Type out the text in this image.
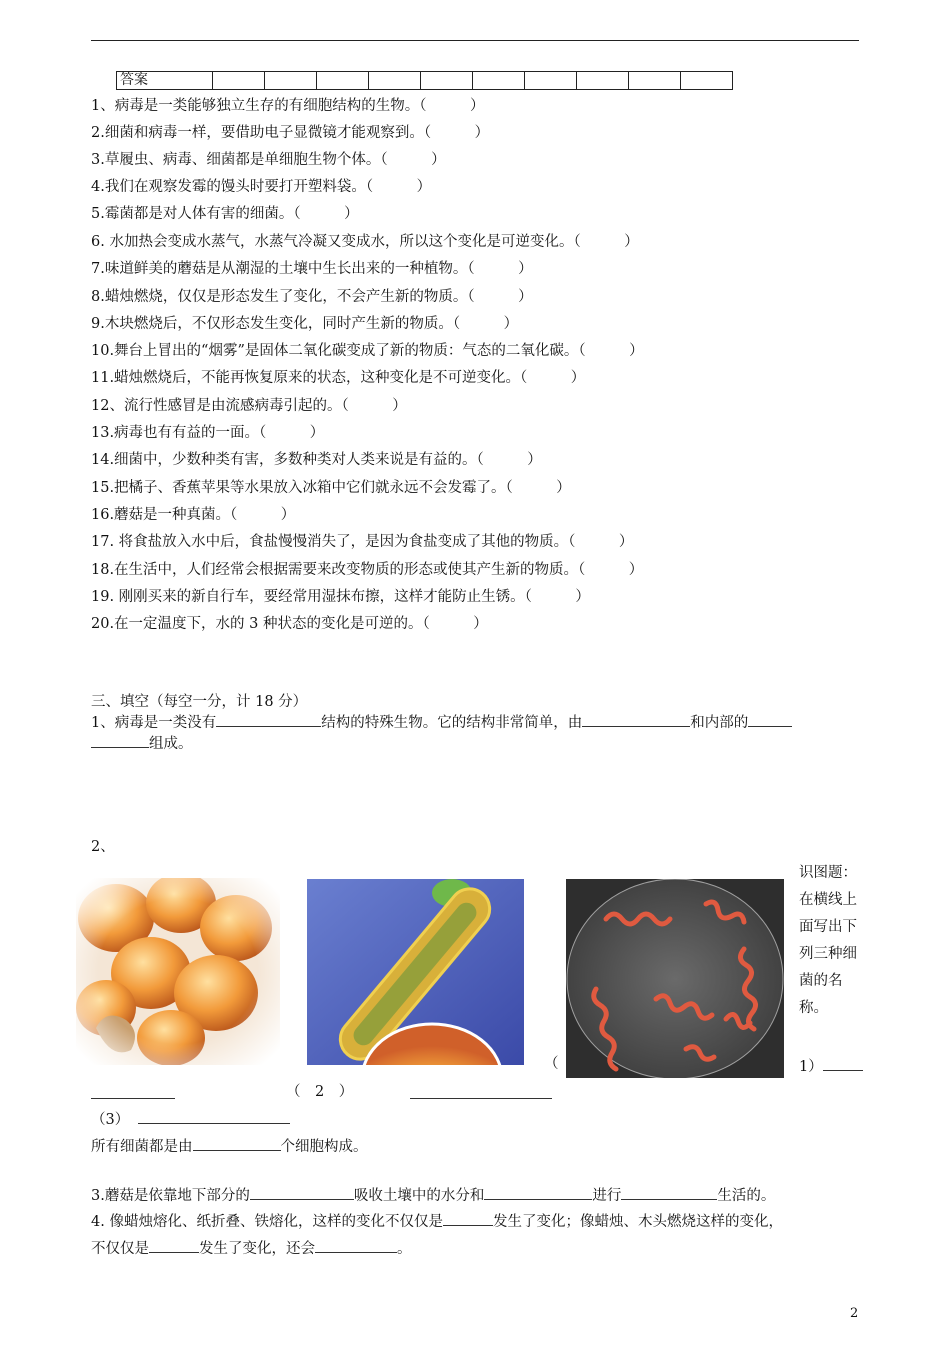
答案										
1、病毒是一类能够独立生存的有细胞结构的生物。（　　　）
2.细菌和病毒一样，要借助电子显微镜才能观察到。（　　　）
3.草履虫、病毒、细菌都是单细胞生物个体。（　　　）
4.我们在观察发霉的馒头时要打开塑料袋。（　　　）
5.霉菌都是对人体有害的细菌。（　　　）
6. 水加热会变成水蒸气，水蒸气冷凝又变成水，所以这个变化是可逆变化。（　　　）
7.味道鲜美的蘑菇是从潮湿的土壤中生长出来的一种植物。（　　　）
8.蜡烛燃烧，仅仅是形态发生了变化，不会产生新的物质。（　　　）
9.木块燃烧后，不仅形态发生变化，同时产生新的物质。（　　　）
10.舞台上冒出的“烟雾”是固体二氧化碳变成了新的物质：气态的二氧化碳。（　　　）
11.蜡烛燃烧后，不能再恢复原来的状态，这种变化是不可逆变化。（　　　）
12、流行性感冒是由流感病毒引起的。（　　　）
13.病毒也有有益的一面。（　　　）
14.细菌中，少数种类有害，多数种类对人类来说是有益的。（　　　）
15.把橘子、香蕉苹果等水果放入冰箱中它们就永远不会发霉了。（　　　）
16.蘑菇是一种真菌。（　　　）
17. 将食盐放入水中后，食盐慢慢消失了，是因为食盐变成了其他的物质。（　　　）
18.在生活中，人们经常会根据需要来改变物质的形态或使其产生新的物质。（　　　）
19. 刚刚买来的新自行车，要经常用湿抹布擦，这样才能防止生锈。（　　　）
20.在一定温度下，水的 3 种状态的变化是可逆的。（　　　）
三、填空（每空一分，计 18 分）
1、病毒是一类没有	结构的特殊生物。它的结构非常简单，由	和内部的
组成。
2、
识图题：在横线上面写出下列三种细菌的名称。
（	1）
（　2　）
（3）
所有细菌都是由	个细胞构成。
3.蘑菇是依靠地下部分的	吸收土壤中的水分和	进行	生活的。
4. 像蜡烛熔化、纸折叠、铁熔化，这样的变化不仅仅是	发生了变化；像蜡烛、木头燃烧这样的变化，
不仅仅是	发生了变化，还会	。
2
